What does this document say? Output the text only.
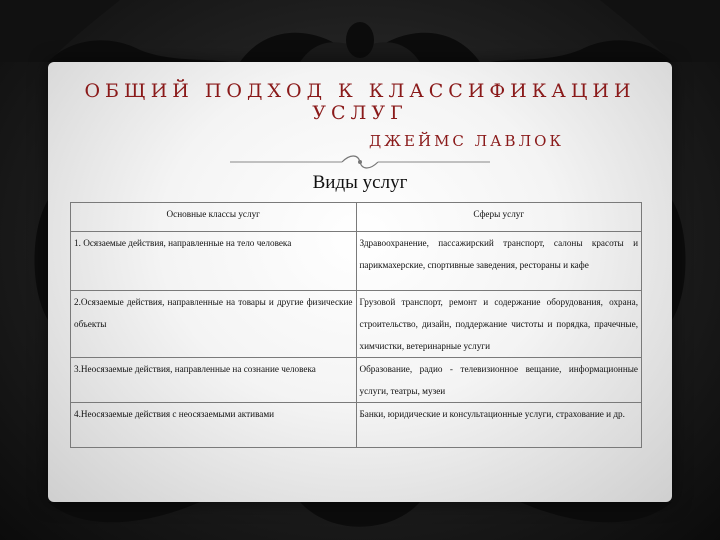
ОБЩИЙ ПОДХОД К КЛАССИФИКАЦИИ
УСЛУГ
ДЖЕЙМС ЛАВЛОК
Виды услуг
Основные классы услуг	Сферы услуг
1. Осязаемые действия, направленные на тело человека	Здравоохранение, пассажирский транспорт, салоны красоты и парикмахерские, спортивные заведения, рестораны и кафе
2.Осязаемые действия, направленные на товары и другие физические объекты	Грузовой транспорт, ремонт и содержание оборудования, охрана, строительство, дизайн, поддержание чистоты и порядка, прачечные, химчистки, ветеринарные услуги
3.Неосязаемые действия, направленные на сознание человека	Образование, радио - телевизионное вещание, информационные услуги, театры, музеи
4.Неосязаемые действия с неосязаемыми активами	Банки, юридические и консультационные услуги, страхование и др.
